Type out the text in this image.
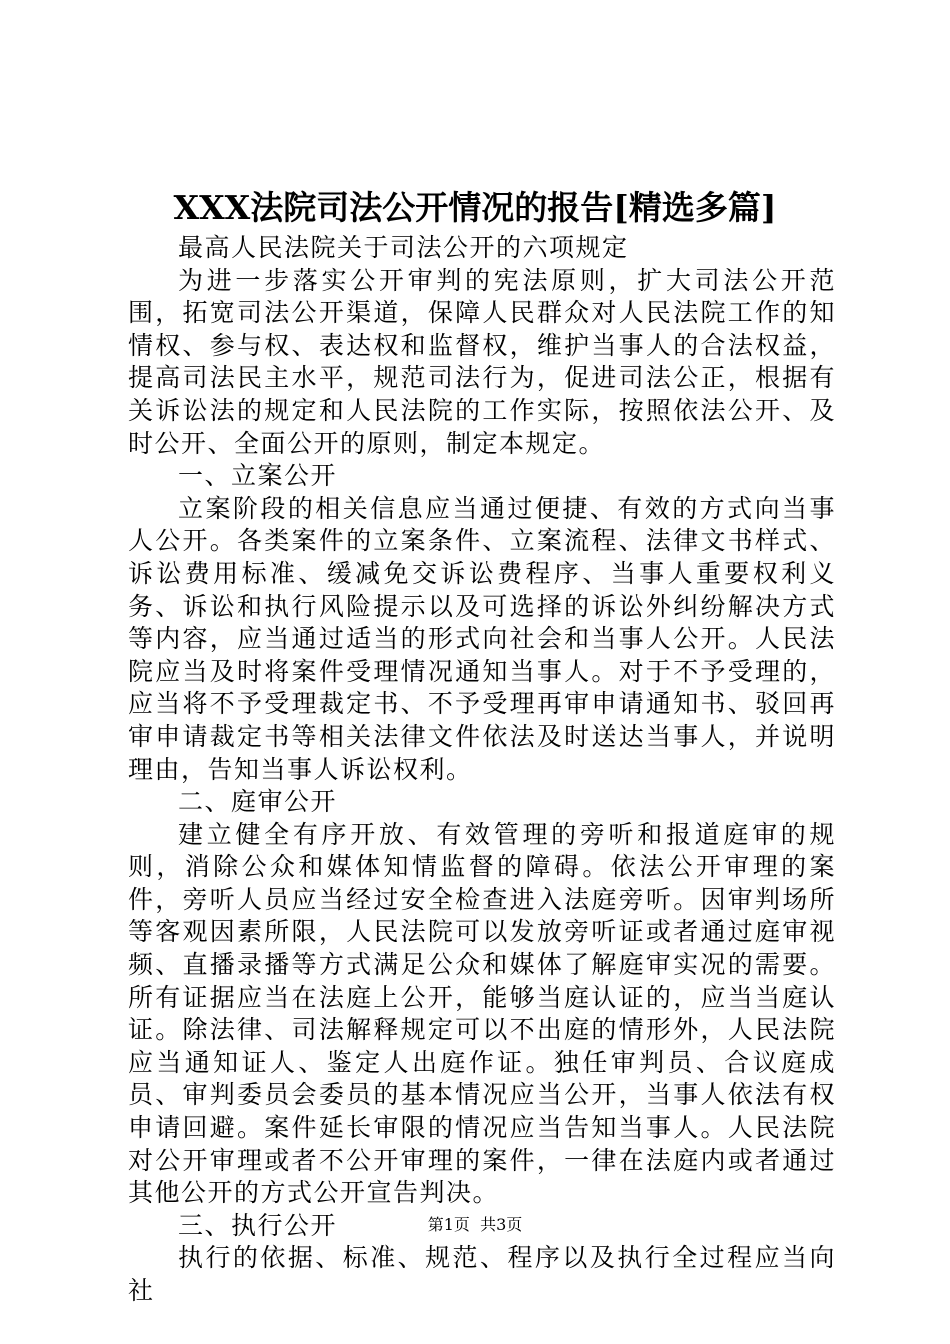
XXX法院司法公开情况的报告[精选多篇]

最高人民法院关于司法公开的六项规定

为进一步落实公开审判的宪法原则，扩大司法公开范围，拓宽司法公开渠道，保障人民群众对人民法院工作的知情权、参与权、表达权和监督权，维护当事人的合法权益，提高司法民主水平，规范司法行为，促进司法公正，根据有关诉讼法的规定和人民法院的工作实际，按照依法公开、及时公开、全面公开的原则，制定本规定。

一、立案公开

立案阶段的相关信息应当通过便捷、有效的方式向当事人公开。各类案件的立案条件、立案流程、法律文书样式、诉讼费用标准、缓减免交诉讼费程序、当事人重要权利义务、诉讼和执行风险提示以及可选择的诉讼外纠纷解决方式等内容，应当通过适当的形式向社会和当事人公开。人民法院应当及时将案件受理情况通知当事人。对于不予受理的，应当将不予受理裁定书、不予受理再审申请通知书、驳回再审申请裁定书等相关法律文件依法及时送达当事人，并说明理由，告知当事人诉讼权利。

二、庭审公开

建立健全有序开放、有效管理的旁听和报道庭审的规则，消除公众和媒体知情监督的障碍。依法公开审理的案件，旁听人员应当经过安全检查进入法庭旁听。因审判场所等客观因素所限，人民法院可以发放旁听证或者通过庭审视频、直播录播等方式满足公众和媒体了解庭审实况的需要。所有证据应当在法庭上公开，能够当庭认证的，应当当庭认证。除法律、司法解释规定可以不出庭的情形外，人民法院应当通知证人、鉴定人出庭作证。独任审判员、合议庭成员、审判委员会委员的基本情况应当公开，当事人依法有权申请回避。案件延长审限的情况应当告知当事人。人民法院对公开审理或者不公开审理的案件，一律在法庭内或者通过其他公开的方式公开宣告判决。

三、执行公开

执行的依据、标准、规范、程序以及执行全过程应当向社

第1页  共3页
